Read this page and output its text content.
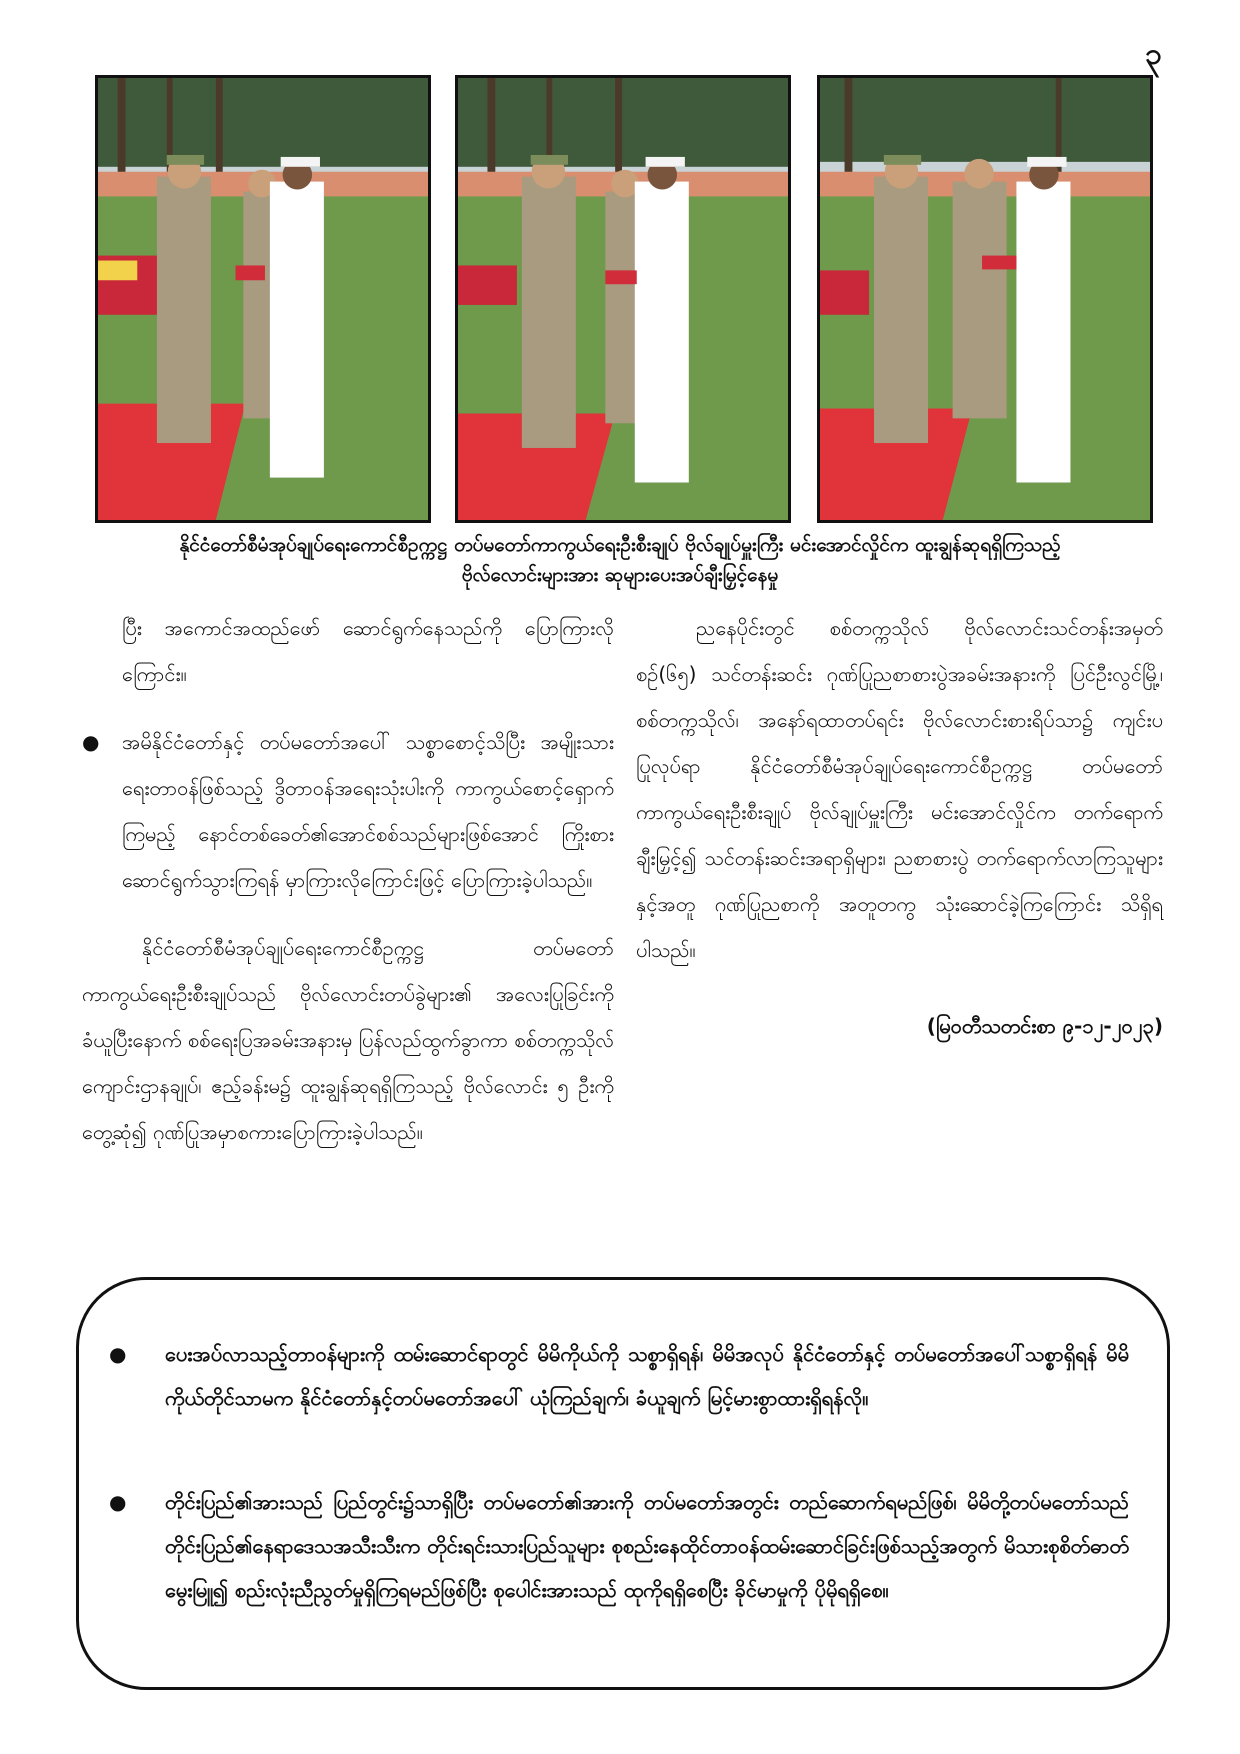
၃
နိုင်ငံတော်စီမံအုပ်ချုပ်ရေးကောင်စီဥက္ကဋ္ဌ တပ်မတော်ကာကွယ်ရေးဦးစီးချုပ် ဗိုလ်ချုပ်မှူးကြီး မင်းအောင်လှိုင်က ထူးချွန်ဆုရရှိကြသည့်
ဗိုလ်လောင်းများအား ဆုများပေးအပ်ချီးမြှင့်နေမှု

ပြီး အကောင်အထည်ဖော် ဆောင်ရွက်နေသည်ကို ပြောကြားလိုကြောင်း။

● အမိနိုင်ငံတော်နှင့် တပ်မတော်အပေါ် သစ္စာစောင့်သိပြီး အမျိုးသားရေးတာဝန်ဖြစ်သည့် ဒွိတာဝန်အရေးသုံးပါးကို ကာကွယ်စောင့်ရှောက်ကြမည့် နောင်တစ်ခေတ်၏အောင်စစ်သည်များဖြစ်အောင် ကြိုးစားဆောင်ရွက်သွားကြရန် မှာကြားလိုကြောင်းဖြင့် ပြောကြားခဲ့ပါသည်။

နိုင်ငံတော်စီမံအုပ်ချုပ်ရေးကောင်စီဥက္ကဋ္ဌ တပ်မတော်ကာကွယ်ရေးဦးစီးချုပ်သည် ဗိုလ်လောင်းတပ်ခွဲများ၏ အလေးပြုခြင်းကို ခံယူပြီးနောက် စစ်ရေးပြအခမ်းအနားမှ ပြန်လည်ထွက်ခွာကာ စစ်တက္ကသိုလ်ကျောင်းဌာနချုပ်၊ ဧည့်ခန်းမ၌ ထူးချွန်ဆုရရှိကြသည့် ဗိုလ်လောင်း ၅ ဦးကို တွေ့ဆုံ၍ ဂုဏ်ပြုအမှာစကားပြောကြားခဲ့ပါသည်။

ညနေပိုင်းတွင် စစ်တက္ကသိုလ် ဗိုလ်လောင်းသင်တန်းအမှတ်စဉ်(၆၅) သင်တန်းဆင်း ဂုဏ်ပြုညစာစားပွဲအခမ်းအနားကို ပြင်ဦးလွင်မြို့၊ စစ်တက္ကသိုလ်၊ အနော်ရထာတပ်ရင်း ဗိုလ်လောင်းစားရိပ်သာ၌ ကျင်းပပြုလုပ်ရာ နိုင်ငံတော်စီမံအုပ်ချုပ်ရေးကောင်စီဥက္ကဋ္ဌ တပ်မတော်ကာကွယ်ရေးဦးစီးချုပ် ဗိုလ်ချုပ်မှူးကြီး မင်းအောင်လှိုင်က တက်ရောက်ချီးမြှင့်၍ သင်တန်းဆင်းအရာရှိများ၊ ညစာစားပွဲ တက်ရောက်လာကြသူများနှင့်အတူ ဂုဏ်ပြုညစာကို အတူတကွ သုံးဆောင်ခဲ့ကြကြောင်း သိရှိရပါသည်။

(မြဝတီသတင်းစာ ၉-၁၂-၂၀၂၃)

● ပေးအပ်လာသည့်တာဝန်များကို ထမ်းဆောင်ရာတွင် မိမိကိုယ်ကို သစ္စာရှိရန်၊ မိမိအလုပ် နိုင်ငံတော်နှင့် တပ်မတော်အပေါ်သစ္စာရှိရန် မိမိကိုယ်တိုင်သာမက နိုင်ငံတော်နှင့်တပ်မတော်အပေါ် ယုံကြည်ချက်၊ ခံယူချက် မြင့်မားစွာထားရှိရန်လို။
● တိုင်းပြည်၏အားသည် ပြည်တွင်း၌သာရှိပြီး တပ်မတော်၏အားကို တပ်မတော်အတွင်း တည်ဆောက်ရမည်ဖြစ်၊ မိမိတို့တပ်မတော်သည် တိုင်းပြည်၏နေရာဒေသအသီးသီးက တိုင်းရင်းသားပြည်သူများ စုစည်းနေထိုင်တာဝန်ထမ်းဆောင်ခြင်းဖြစ်သည့်အတွက် မိသားစုစိတ်ဓာတ်မွေးမြူ၍ စည်းလုံးညီညွတ်မှုရှိကြရမည်ဖြစ်ပြီး စုပေါင်းအားသည် ထုကိုရရှိစေပြီး ခိုင်မာမှုကို ပိုမိုရရှိစေ။
